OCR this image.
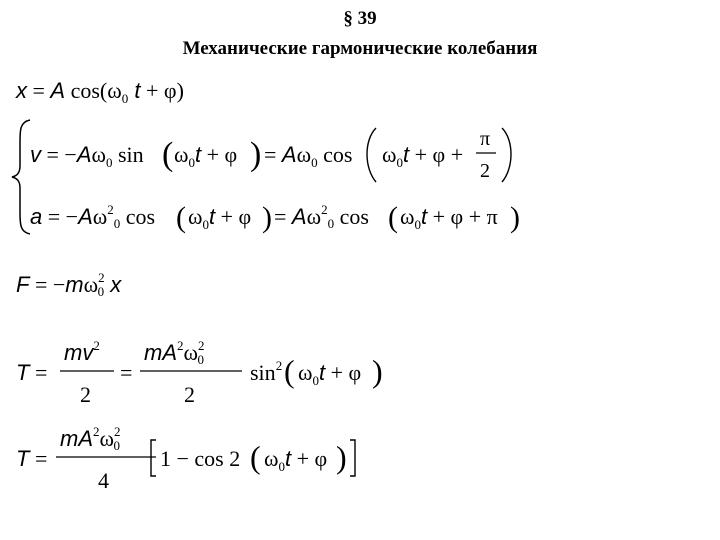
§ 39
Механические гармонические колебания
x = A $\cos(\omega_0$ t + φ)
$v = -A\omega_0$ sin ( $\omega_0t + \varphi$ ) = $A\omega_0$ $\cos \omega_0t + \varphi$ +
π
2
$a = -A\omega^2_0$ cos ( $\omega_0t + \varphi$ ) = $A\omega^2_0$ cos ( $\omega_0t + \varphi + \pi$ )
$F = -m\omega^2$ 0 x
T =
$mv^2$
2
=
$mA^2\omega^2$ 0
2
$\sin^2$ ( $\omega_0t + \varphi$ )
T =
$mA^2\omega^2$ 0
4
1 − cos 2 ( $\omega_0t + \varphi$ )
